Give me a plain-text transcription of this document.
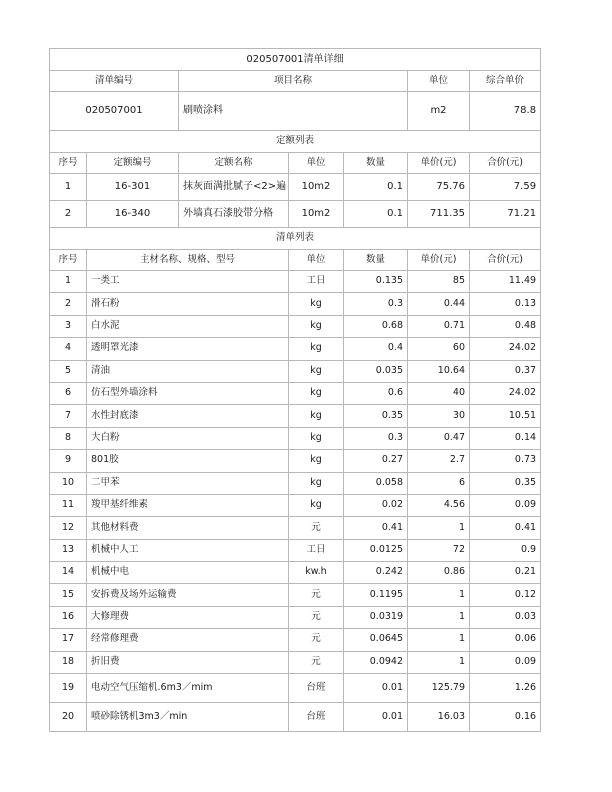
020507001清单详细						
清单编号		项目名称			单位	综合单价
020507001		刷喷涂料			m2	78.8
定额列表						
序号	定额编号	定额名称	单位	数量	单价(元)	合价(元)
1	16-301	抹灰面满批腻子<2>遍	10m2	0.1	75.76	7.59
2	16-340	外墙真石漆胶带分格	10m2	0.1	711.35	71.21
清单列表						
序号	主材名称、规格、型号		单位	数量	单价(元)	合价(元)
1	一类工		工日	0.135	85	11.49
2	滑石粉		kg	0.3	0.44	0.13
3	白水泥		kg	0.68	0.71	0.48
4	透明罩光漆		kg	0.4	60	24.02
5	清油		kg	0.035	10.64	0.37
6	仿石型外墙涂料		kg	0.6	40	24.02
7	水性封底漆		kg	0.35	30	10.51
8	大白粉		kg	0.3	0.47	0.14
9	801胶		kg	0.27	2.7	0.73
10	二甲苯		kg	0.058	6	0.35
11	羧甲基纤维素		kg	0.02	4.56	0.09
12	其他材料费		元	0.41	1	0.41
13	机械中人工		工日	0.0125	72	0.9
14	机械中电		kw.h	0.242	0.86	0.21
15	安拆费及场外运输费		元	0.1195	1	0.12
16	大修理费		元	0.0319	1	0.03
17	经常修理费		元	0.0645	1	0.06
18	折旧费		元	0.0942	1	0.09
19	电动空气压缩机.6m3／mim		台班	0.01	125.79	1.26
20	喷砂除锈机3m3／min		台班	0.01	16.03	0.16
